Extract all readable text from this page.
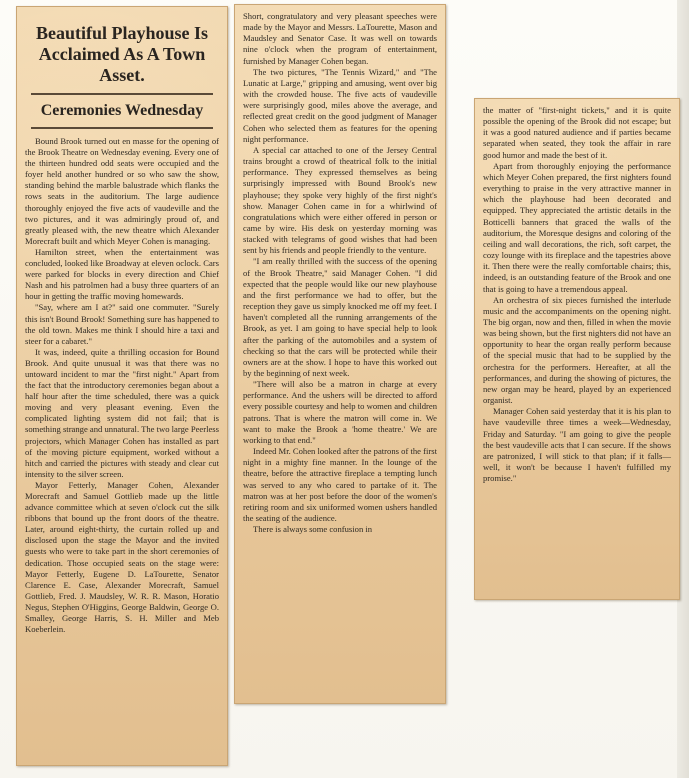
Beautiful Playhouse Is Acclaimed As A Town Asset.
Ceremonies Wednesday

Bound Brook turned out en masse for the opening of the Brook Theatre on Wednesday evening. Every one of the thirteen hundred odd seats were occupied and the foyer held another hundred or so who saw the show, standing behind the marble balustrade which flanks the rows seats in the auditorium. The large audience thoroughly enjoyed the five acts of vaudeville and the two pictures, and it was admiringly proud of, and greatly pleased with, the new theatre which Alexander Morecraft built and which Meyer Cohen is managing.

Hamilton street, when the entertainment was concluded, looked like Broadway at eleven oclock. Cars were parked for blocks in every direction and Chief Nash and his patrolmen had a busy three quarters of an hour in getting the traffic moving homewards.

"Say, where am I at?" said one commuter. "Surely this isn't Bound Brook! Something sure has happened to the old town. Makes me think I should hire a taxi and steer for a cabaret."

It was, indeed, quite a thrilling occasion for Bound Brook. And quite unusual it was that there was no untoward incident to mar the "first night." Apart from the fact that the introductory ceremonies began about a half hour after the time scheduled, there was a quick moving and very pleasant evening. Even the complicated lighting system did not fail; that is something strange and unnatural. The two large Peerless projectors, which Manager Cohen has installed as part of the moving picture equipment, worked without a hitch and carried the pictures with steady and clear cut intensity to the silver screen.

Mayor Fetterly, Manager Cohen, Alexander Morecraft and Samuel Gottlieb made up the little advance committee which at seven o'clock cut the silk ribbons that bound up the front doors of the theatre. Later, around eight-thirty, the curtain rolled up and disclosed upon the stage the Mayor and the invited guests who were to take part in the short ceremonies of dedication. Those occupied seats on the stage were: Mayor Fetterly, Eugene D. LaTourette, Senator Clarence E. Case, Alexander Morecraft, Samuel Gottlieb, Fred. J. Maudsley, W. R. R. Mason, Horatio Negus, Stephen O'Higgins, George Baldwin, George O. Smalley, George Harris, S. H. Miller and Meb Koeberlein.

Short, congratulatory and very pleasant speeches were made by the Mayor and Messrs. LaTourette, Mason and Maudsley and Senator Case. It was well on towards nine o'clock when the program of entertainment, furnished by Manager Cohen began.

The two pictures, "The Tennis Wizard," and "The Lunatic at Large," gripping and amusing, went over big with the crowded house. The five acts of vaudeville were surprisingly good, miles above the average, and reflected great credit on the good judgment of Manager Cohen who selected them as features for the opening night performance.

A special car attached to one of the Jersey Central trains brought a crowd of theatrical folk to the initial performance. They expressed themselves as being surprisingly impressed with Bound Brook's new playhouse; they spoke very highly of the first night's show. Manager Cohen came in for a whirlwind of congratulations which were either offered in person or came by wire. His desk on yesterday morning was stacked with telegrams of good wishes that had been sent by his friends and people friendly to the venture.

"I am really thrilled with the success of the opening of the Brook Theatre," said Manager Cohen. "I did expected that the people would like our new playhouse and the first performance we had to offer, but the reception they gave us simply knocked me off my feet. I haven't completed all the running arrangements of the Brook, as yet. I am going to have special help to look after the parking of the automobiles and a system of checking so that the cars will be protected while their owners are at the show. I hope to have this worked out by the beginning of next week.

"There will also be a matron in charge at every performance. And the ushers will be directed to afford every possible courtesy and help to women and children patrons. That is where the matron will come in. We want to make the Brook a 'home theatre.' We are working to that end."

Indeed Mr. Cohen looked after the patrons of the first night in a mighty fine manner. In the lounge of the theatre, before the attractive fireplace a tempting lunch was served to any who cared to partake of it. The matron was at her post before the door of the women's retiring room and six uniformed women ushers handled the seating of the audience.

There is always some confusion in

the matter of "first-night tickets," and it is quite possible the opening of the Brook did not escape; but it was a good natured audience and if parties became separated when seated, they took the affair in rare good humor and made the best of it.

Apart from thoroughly enjoying the performance which Meyer Cohen prepared, the first nighters found everything to praise in the very attractive manner in which the playhouse had been decorated and equipped. They appreciated the artistic details in the Botticelli banners that graced the walls of the auditorium, the Moresque designs and coloring of the ceiling and wall decorations, the rich, soft carpet, the cozy lounge with its fireplace and the tapestries above it. Then there were the really comfortable chairs; this, indeed, is an outstanding feature of the Brook and one that is going to have a tremendous appeal.

An orchestra of six pieces furnished the interlude music and the accompaniments on the opening night. The big organ, now and then, filled in when the movie was being shown, but the first nighters did not have an opportunity to hear the organ really perform because of the special music that had to be supplied by the orchestra for the performers. Hereafter, at all the performances, and during the showing of pictures, the new organ may be heard, played by an experienced organist.

Manager Cohen said yesterday that it is his plan to have vaudeville three times a week—Wednesday, Friday and Saturday. "I am going to give the people the best vaudeville acts that I can secure. If the shows are patronized, I will stick to that plan; if it falls—well, it won't be because I haven't fulfilled my promise."
